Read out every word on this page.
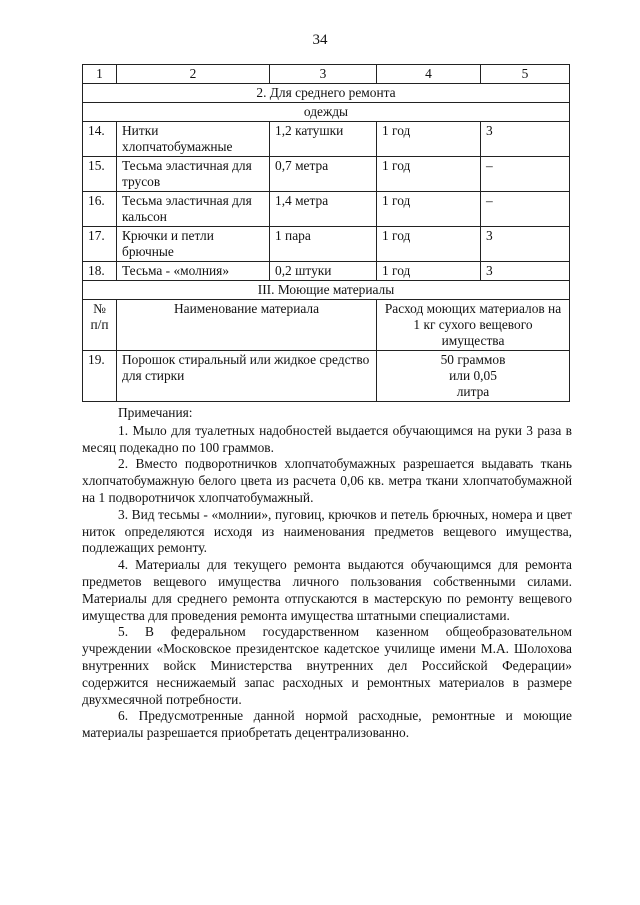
34
1	2	3	4	5
2. Для среднего ремонта				
одежды				
14.	Нитки хлопчатобумажные	1,2 катушки	1 год	3
15.	Тесьма эластичная для трусов	0,7 метра	1 год	–
16.	Тесьма эластичная для кальсон	1,4 метра	1 год	–
17.	Крючки и петли брючные	1 пара	1 год	3
18.	Тесьма - «молния»	0,2 штуки	1 год	3
III. Моющие материалы				
№ п/п	Наименование материала		Расход моющих материалов на 1 кг сухого вещевого имущества	
19.	Порошок стиральный или жидкое средство для стирки		50 граммов или 0,05 литра	

Примечания:

1. Мыло для туалетных надобностей выдается обучающимся на руки 3 раза в месяц подекадно по 100 граммов.

2. Вместо подворотничков хлопчатобумажных разрешается выдавать ткань хлопчатобумажную белого цвета из расчета 0,06 кв. метра ткани хлопчатобумажной на 1 подворотничок хлопчатобумажный.

3. Вид тесьмы - «молнии», пуговиц, крючков и петель брючных, номера и цвет ниток определяются исходя из наименования предметов вещевого имущества, подлежащих ремонту.

4. Материалы для текущего ремонта выдаются обучающимся для ремонта предметов вещевого имущества личного пользования собственными силами. Материалы для среднего ремонта отпускаются в мастерскую по ремонту вещевого имущества для проведения ремонта имущества штатными специалистами.

5. В федеральном государственном казенном общеобразовательном учреждении «Московское президентское кадетское училище имени М.А. Шолохова внутренних войск Министерства внутренних дел Российской Федерации» содержится неснижаемый запас расходных и ремонтных материалов в размере двухмесячной потребности.

6. Предусмотренные данной нормой расходные, ремонтные и моющие материалы разрешается приобретать децентрализованно.
